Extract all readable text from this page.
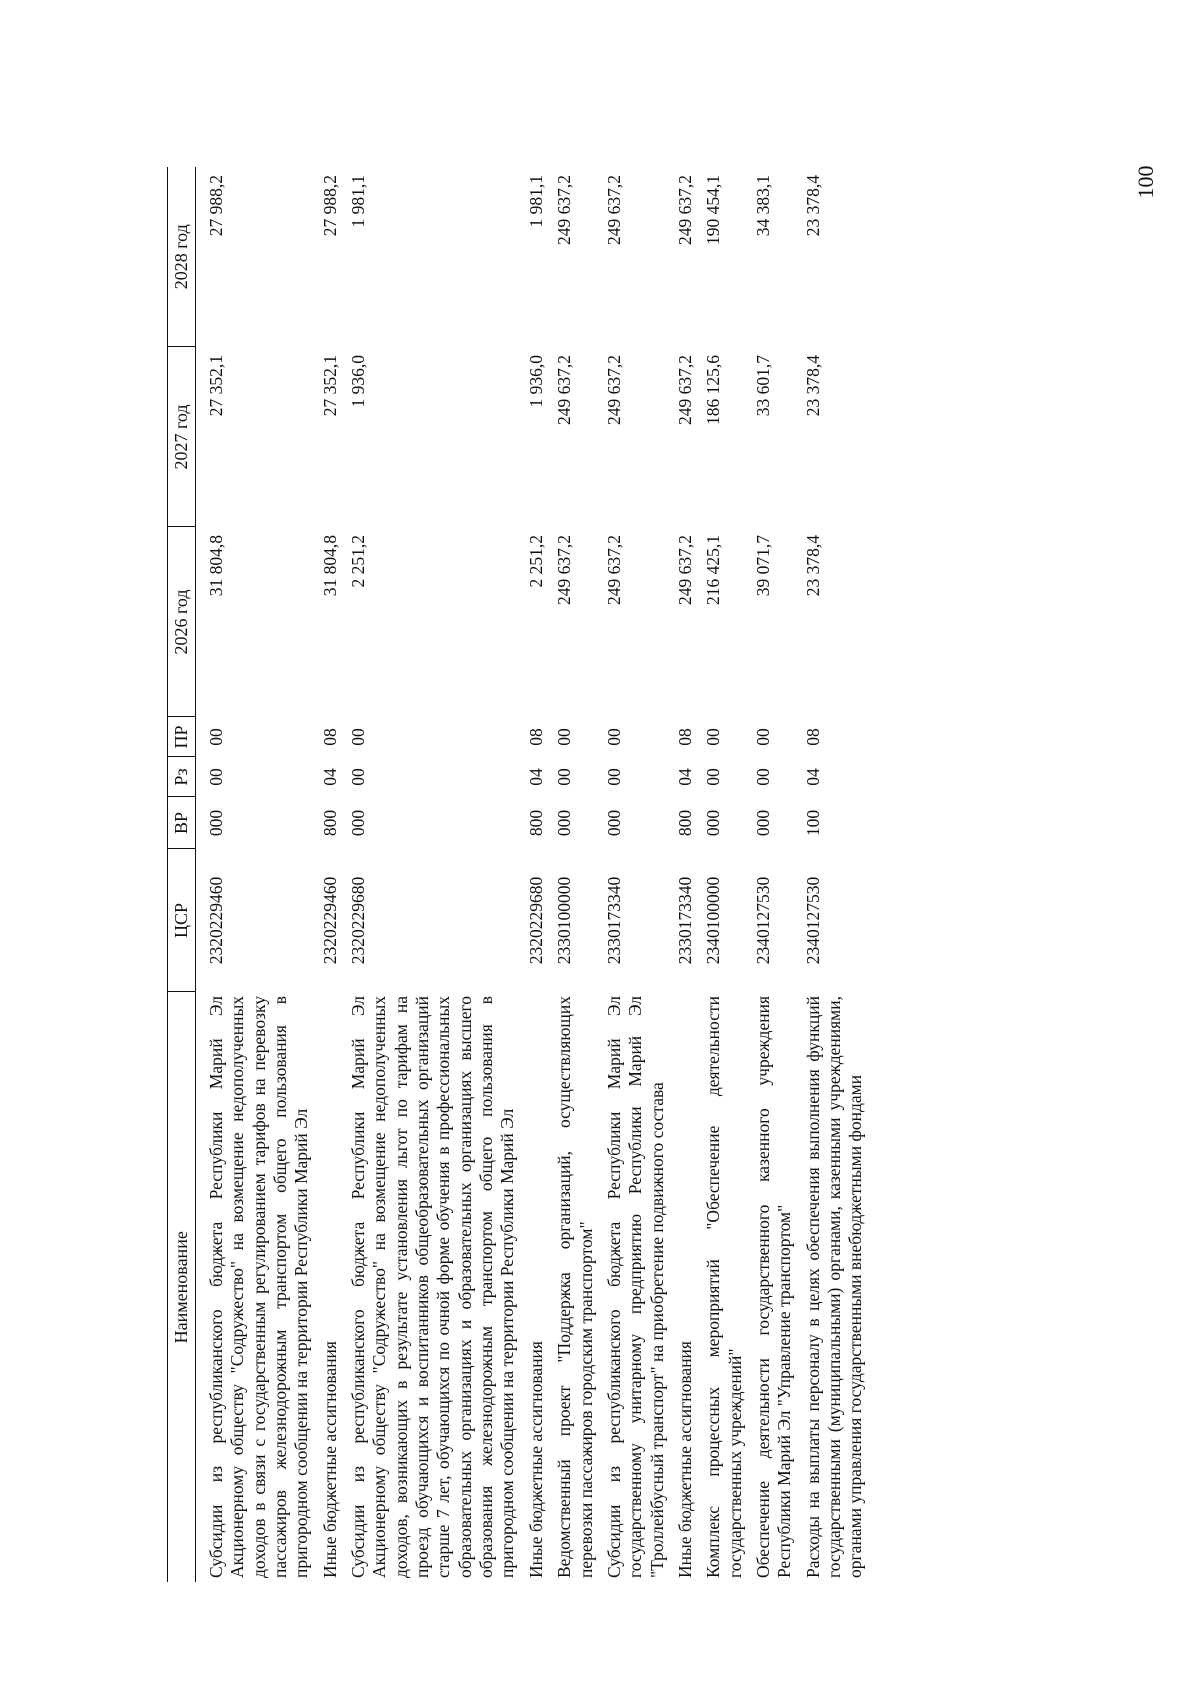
100
Наименование	ЦСР	ВР	Рз	ПР	2026 год	2027 год	2028 год
Субсидии из республиканского бюджета Республики Марий Эл Акционерному обществу "Содружество" на возмещение недополученных доходов в связи с государственным регулированием тарифов на перевозку пассажиров железнодорожным транспортом общего пользования в пригородном сообщении на территории Республики Марий Эл	2320229460	000	00	00	31 804,8	27 352,1	27 988,2
Иные бюджетные ассигнования	2320229460	800	04	08	31 804,8	27 352,1	27 988,2
Субсидии из республиканского бюджета Республики Марий Эл Акционерному обществу "Содружество" на возмещение недополученных доходов, возникающих в результате установления льгот по тарифам на проезд обучающихся и воспитанников общеобразовательных организаций старше 7 лет, обучающихся по очной форме обучения в профессиональных образовательных организациях и образовательных организациях высшего образования железнодорожным транспортом общего пользования в пригородном сообщении на территории Республики Марий Эл	2320229680	000	00	00	2 251,2	1 936,0	1 981,1
Иные бюджетные ассигнования	2320229680	800	04	08	2 251,2	1 936,0	1 981,1
Ведомственный проект "Поддержка организаций, осуществляющих перевозки пассажиров городским транспортом"	2330100000	000	00	00	249 637,2	249 637,2	249 637,2
Субсидии из республиканского бюджета Республики Марий Эл государственному унитарному предприятию Республики Марий Эл "Троллейбусный транспорт" на приобретение подвижного состава	2330173340	000	00	00	249 637,2	249 637,2	249 637,2
Иные бюджетные ассигнования	2330173340	800	04	08	249 637,2	249 637,2	249 637,2
Комплекс процессных мероприятий "Обеспечение деятельности государственных учреждений"	2340100000	000	00	00	216 425,1	186 125,6	190 454,1
Обеспечение деятельности государственного казенного учреждения Республики Марий Эл "Управление транспортом"	2340127530	000	00	00	39 071,7	33 601,7	34 383,1
Расходы на выплаты персоналу в целях обеспечения выполнения функций государственными (муниципальными) органами, казенными учреждениями, органами управления государственными внебюджетными фондами	2340127530	100	04	08	23 378,4	23 378,4	23 378,4
